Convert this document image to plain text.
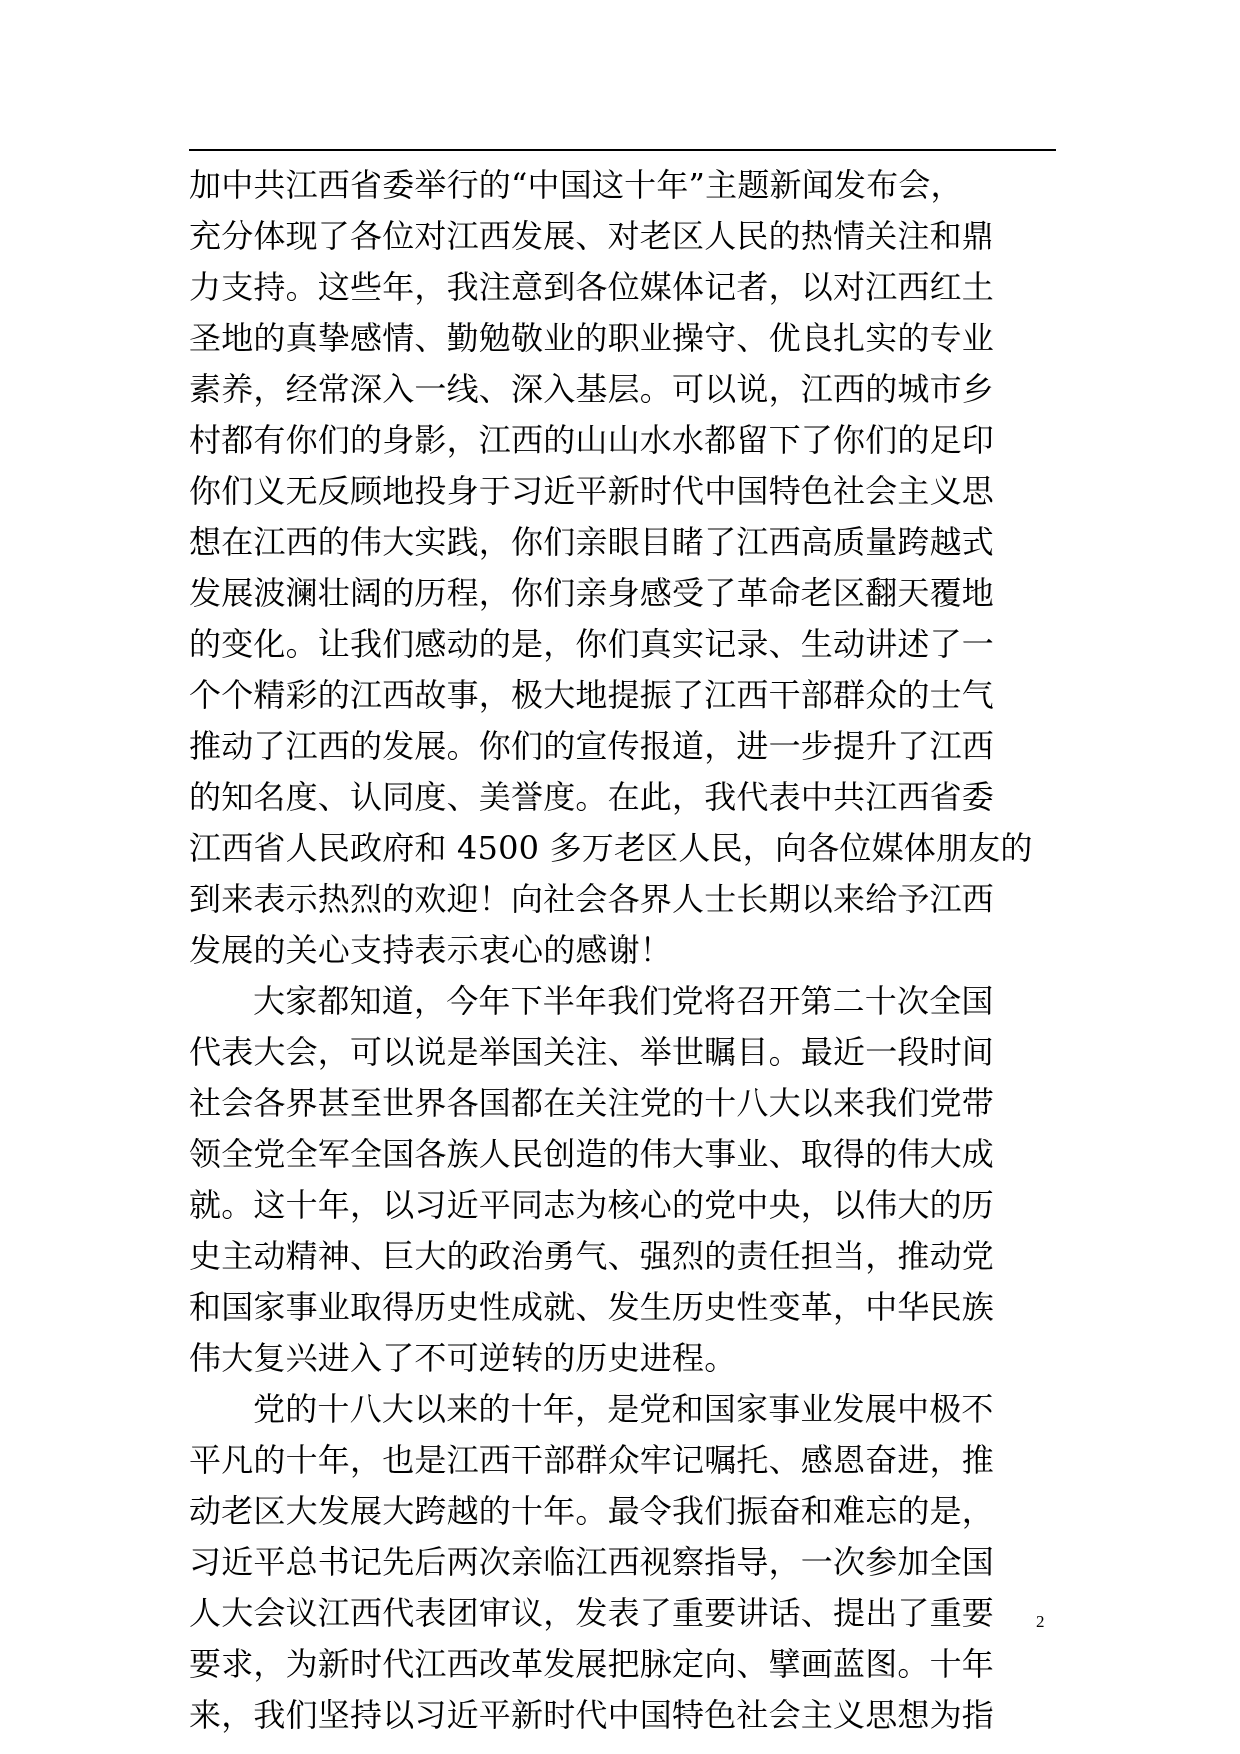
加中共江西省委举行的“中国这十年”主题新闻发布会，
充分体现了各位对江西发展、对老区人民的热情关注和鼎
力支持。这些年，我注意到各位媒体记者，以对江西红土
圣地的真挚感情、勤勉敬业的职业操守、优良扎实的专业
素养，经常深入一线、深入基层。可以说，江西的城市乡
村都有你们的身影，江西的山山水水都留下了你们的足印
你们义无反顾地投身于习近平新时代中国特色社会主义思
想在江西的伟大实践，你们亲眼目睹了江西高质量跨越式
发展波澜壮阔的历程，你们亲身感受了革命老区翻天覆地
的变化。让我们感动的是，你们真实记录、生动讲述了一
个个精彩的江西故事，极大地提振了江西干部群众的士气
推动了江西的发展。你们的宣传报道，进一步提升了江西
的知名度、认同度、美誉度。在此，我代表中共江西省委
江西省人民政府和 4500 多万老区人民，向各位媒体朋友的
到来表示热烈的欢迎！向社会各界人士长期以来给予江西
发展的关心支持表示衷心的感谢！
大家都知道，今年下半年我们党将召开第二十次全国
代表大会，可以说是举国关注、举世瞩目。最近一段时间
社会各界甚至世界各国都在关注党的十八大以来我们党带
领全党全军全国各族人民创造的伟大事业、取得的伟大成
就。这十年，以习近平同志为核心的党中央，以伟大的历
史主动精神、巨大的政治勇气、强烈的责任担当，推动党
和国家事业取得历史性成就、发生历史性变革，中华民族
伟大复兴进入了不可逆转的历史进程。
党的十八大以来的十年，是党和国家事业发展中极不
平凡的十年，也是江西干部群众牢记嘱托、感恩奋进，推
动老区大发展大跨越的十年。最令我们振奋和难忘的是，
习近平总书记先后两次亲临江西视察指导，一次参加全国
人大会议江西代表团审议，发表了重要讲话、提出了重要
要求，为新时代江西改革发展把脉定向、擘画蓝图。十年
来，我们坚持以习近平新时代中国特色社会主义思想为指
2
